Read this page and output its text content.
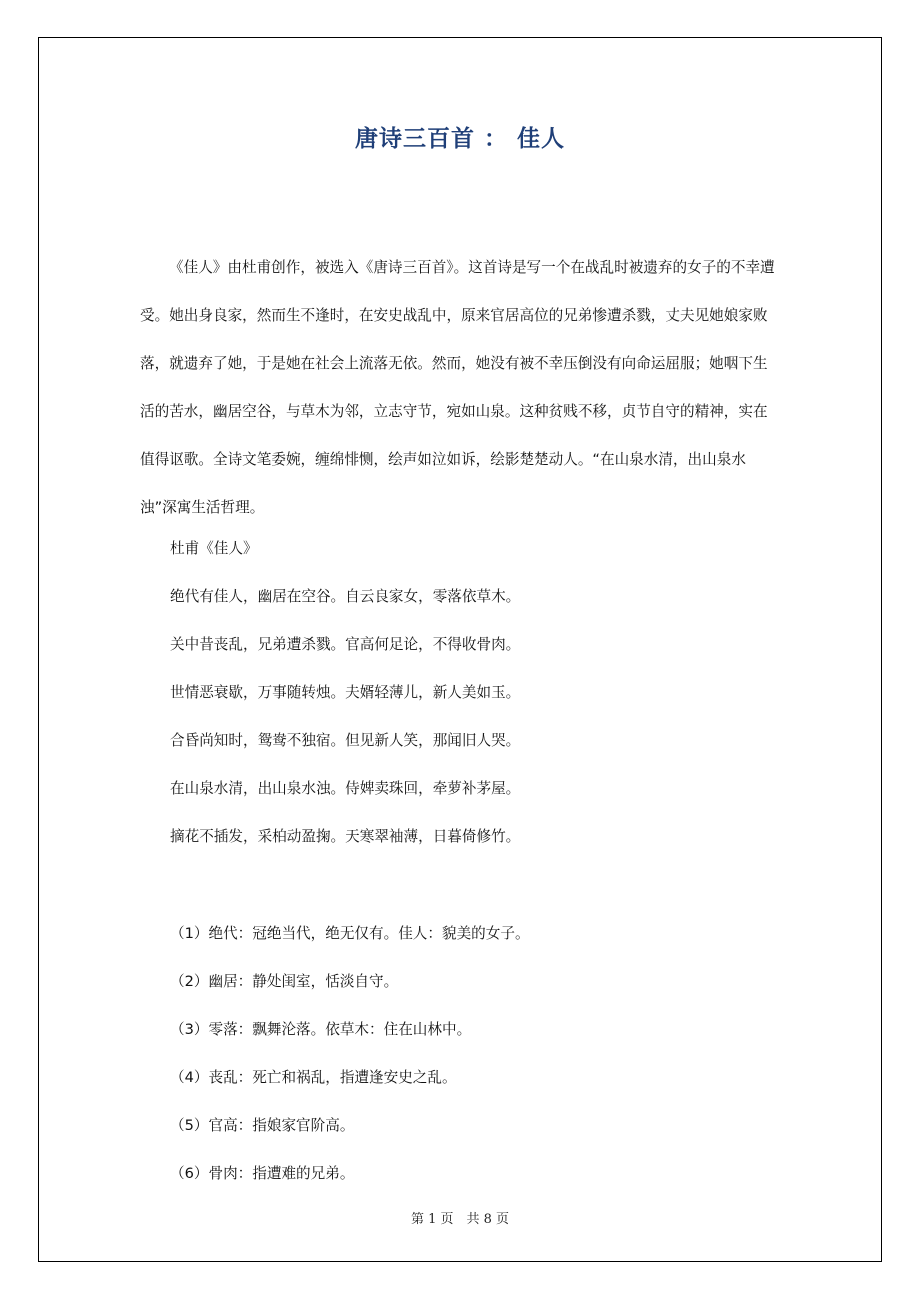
唐诗三百首 ： 佳人

《佳人》由杜甫创作，被选入《唐诗三百首》。这首诗是写一个在战乱时被遗弃的女子的不幸遭受。她出身良家，然而生不逢时，在安史战乱中，原来官居高位的兄弟惨遭杀戮，丈夫见她娘家败落，就遗弃了她，于是她在社会上流落无依。然而，她没有被不幸压倒没有向命运屈服；她咽下生活的苦水，幽居空谷，与草木为邻，立志守节，宛如山泉。这种贫贱不移，贞节自守的精神，实在值得讴歌。全诗文笔委婉，缠绵悱恻，绘声如泣如诉，绘影楚楚动人。“在山泉水清，出山泉水浊”深寓生活哲理。

杜甫《佳人》
绝代有佳人，幽居在空谷。自云良家女，零落依草木。
关中昔丧乱，兄弟遭杀戮。官高何足论，不得收骨肉。
世情恶衰歇，万事随转烛。夫婿轻薄儿，新人美如玉。
合昏尚知时，鸳鸯不独宿。但见新人笑，那闻旧人哭。
在山泉水清，出山泉水浊。侍婢卖珠回，牵萝补茅屋。
摘花不插发，采柏动盈掬。天寒翠袖薄，日暮倚修竹。
（1）绝代：冠绝当代，绝无仅有。佳人：貌美的女子。
（2）幽居：静处闺室，恬淡自守。
（3）零落：飘舞沦落。依草木：住在山林中。
（4）丧乱：死亡和祸乱，指遭逢安史之乱。
（5）官高：指娘家官阶高。
（6）骨肉：指遭难的兄弟。
第 1 页　共 8 页
